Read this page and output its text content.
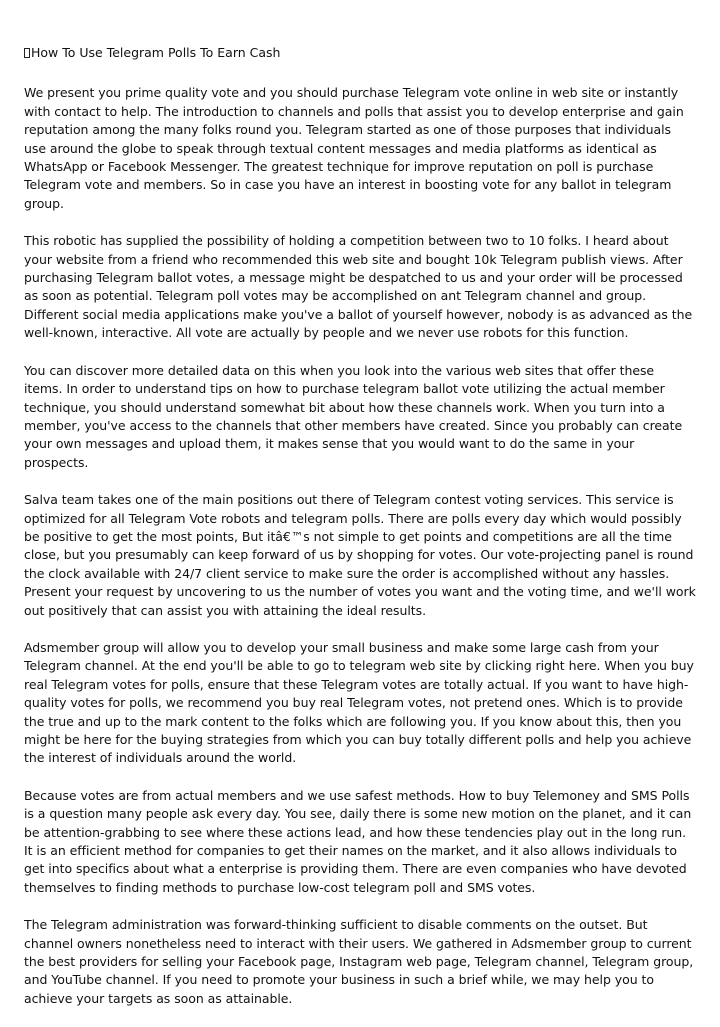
How To Use Telegram Polls To Earn Cash

We present you prime quality vote and you should purchase Telegram vote online in web site or instantly with contact to help. The introduction to channels and polls that assist you to develop enterprise and gain reputation among the many folks round you. Telegram started as one of those purposes that individuals use around the globe to speak through textual content messages and media platforms as identical as WhatsApp or Facebook Messenger. The greatest technique for improve reputation on poll is purchase Telegram vote and members. So in case you have an interest in boosting vote for any ballot in telegram group.

This robotic has supplied the possibility of holding a competition between two to 10 folks. I heard about your website from a friend who recommended this web site and bought 10k Telegram publish views. After purchasing Telegram ballot votes, a message might be despatched to us and your order will be processed as soon as potential. Telegram poll votes may be accomplished on ant Telegram channel and group. Different social media applications make you've a ballot of yourself however, nobody is as advanced as the well-known, interactive. All vote are actually by people and we never use robots for this function.

You can discover more detailed data on this when you look into the various web sites that offer these items. In order to understand tips on how to purchase telegram ballot vote utilizing the actual member technique, you should understand somewhat bit about how these channels work. When you turn into a member, you've access to the channels that other members have created. Since you probably can create your own messages and upload them, it makes sense that you would want to do the same in your prospects.

Salva team takes one of the main positions out there of Telegram contest voting services. This service is optimized for all Telegram Vote robots and telegram polls. There are polls every day which would possibly be positive to get the most points, But itâ€™s not simple to get points and competitions are all the time close, but you presumably can keep forward of us by shopping for votes. Our vote-projecting panel is round the clock available with 24/7 client service to make sure the order is accomplished without any hassles. Present your request by uncovering to us the number of votes you want and the voting time, and we'll work out positively that can assist you with attaining the ideal results.

Adsmember group will allow you to develop your small business and make some large cash from your Telegram channel. At the end you'll be able to go to telegram web site by clicking right here. When you buy real Telegram votes for polls, ensure that these Telegram votes are totally actual. If you want to have high-quality votes for polls, we recommend you buy real Telegram votes, not pretend ones. Which is to provide the true and up to the mark content to the folks which are following you. If you know about this, then you might be here for the buying strategies from which you can buy totally different polls and help you achieve the interest of individuals around the world.

Because votes are from actual members and we use safest methods. How to buy Telemoney and SMS Polls is a question many people ask every day. You see, daily there is some new motion on the planet, and it can be attention-grabbing to see where these actions lead, and how these tendencies play out in the long run. It is an efficient method for companies to get their names on the market, and it also allows individuals to get into specifics about what a enterprise is providing them. There are even companies who have devoted themselves to finding methods to purchase low-cost telegram poll and SMS votes.

The Telegram administration was forward-thinking sufficient to disable comments on the outset. But channel owners nonetheless need to interact with their users. We gathered in Adsmember group to current the best providers for selling your Facebook page, Instagram web page, Telegram channel, Telegram group, and YouTube channel. If you need to promote your business in such a brief while, we may help you to achieve your targets as soon as attainable.
